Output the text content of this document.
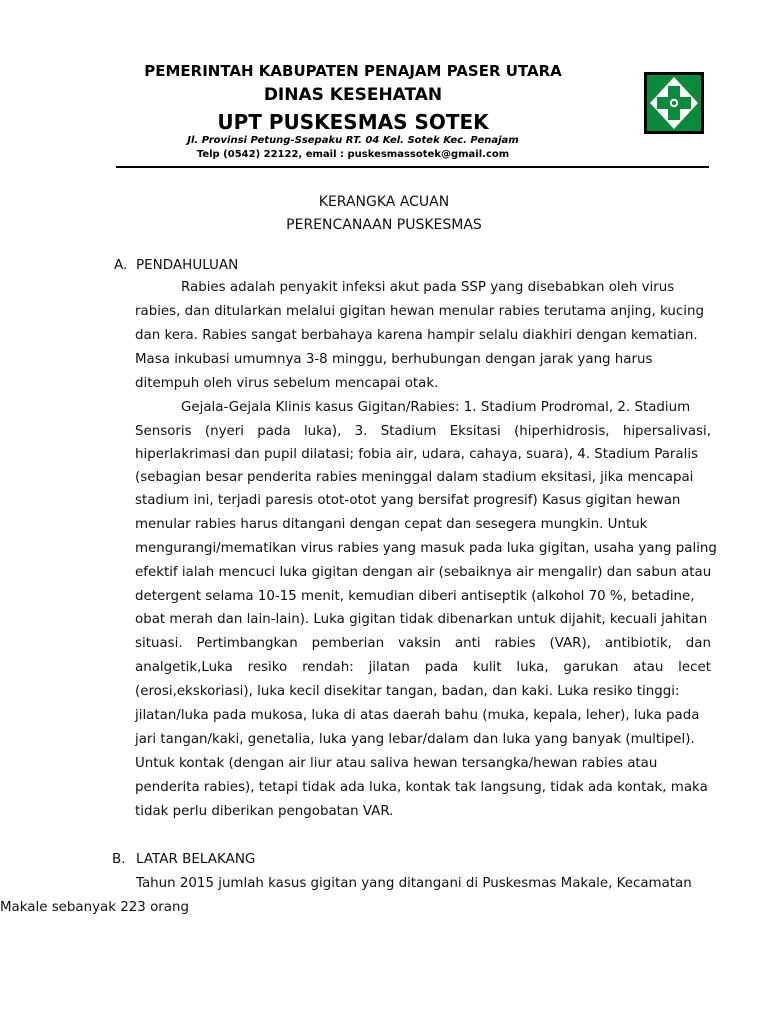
PEMERINTAH KABUPATEN PENAJAM PASER UTARA
DINAS KESEHATAN
UPT PUSKESMAS SOTEK
Jl. Provinsi Petung-Ssepaku RT. 04 Kel. Sotek Kec. Penajam
Telp (0542) 22122, email : puskesmassotek@gmail.com
KERANGKA ACUAN
PERENCANAAN PUSKESMAS
A. PENDAHULUAN
Rabies adalah penyakit infeksi akut pada SSP yang disebabkan oleh virus
rabies, dan ditularkan melalui gigitan hewan menular rabies terutama anjing, kucing
dan kera. Rabies sangat berbahaya karena hampir selalu diakhiri dengan kematian.
Masa inkubasi umumnya 3-8 minggu, berhubungan dengan jarak yang harus
ditempuh oleh virus sebelum mencapai otak.
Gejala-Gejala Klinis kasus Gigitan/Rabies: 1. Stadium Prodromal, 2. Stadium
Sensoris (nyeri pada luka), 3. Stadium Eksitasi (hiperhidrosis, hipersalivasi,
hiperlakrimasi dan pupil dilatasi; fobia air, udara, cahaya, suara), 4. Stadium Paralis
(sebagian besar penderita rabies meninggal dalam stadium eksitasi, jika mencapai
stadium ini, terjadi paresis otot-otot yang bersifat progresif) Kasus gigitan hewan
menular rabies harus ditangani dengan cepat dan sesegera mungkin. Untuk
mengurangi/mematikan virus rabies yang masuk pada luka gigitan, usaha yang paling
efektif ialah mencuci luka gigitan dengan air (sebaiknya air mengalir) dan sabun atau
detergent selama 10-15 menit, kemudian diberi antiseptik (alkohol 70 %, betadine,
obat merah dan lain-lain). Luka gigitan tidak dibenarkan untuk dijahit, kecuali jahitan
situasi. Pertimbangkan pemberian vaksin anti rabies (VAR), antibiotik, dan
analgetik,Luka resiko rendah: jilatan pada kulit luka, garukan atau lecet
(erosi,ekskoriasi), luka kecil disekitar tangan, badan, dan kaki. Luka resiko tinggi:
jilatan/luka pada mukosa, luka di atas daerah bahu (muka, kepala, leher), luka pada
jari tangan/kaki, genetalia, luka yang lebar/dalam dan luka yang banyak (multipel).
Untuk kontak (dengan air liur atau saliva hewan tersangka/hewan rabies atau
penderita rabies), tetapi tidak ada luka, kontak tak langsung, tidak ada kontak, maka
tidak perlu diberikan pengobatan VAR.
B. LATAR BELAKANG
Tahun 2015 jumlah kasus gigitan yang ditangani di Puskesmas Makale, Kecamatan
Makale sebanyak 223 orang
